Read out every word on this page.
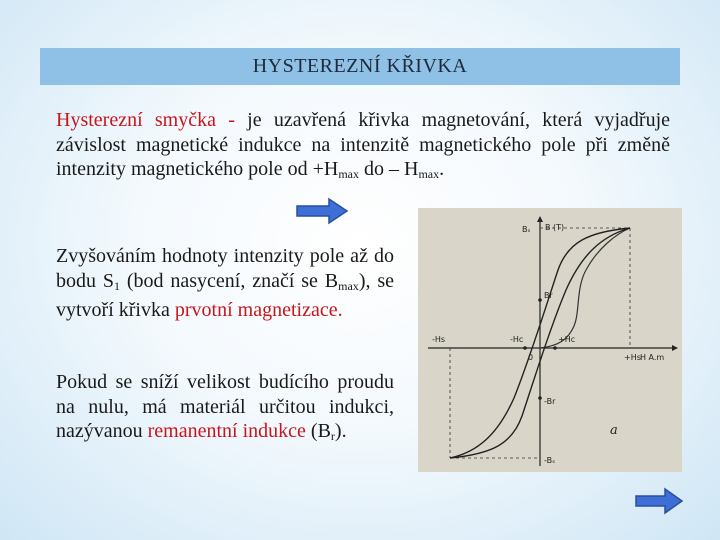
HYSTEREZNÍ KŘIVKA

Hysterezní smyčka - je uzavřená křivka magnetování, která vyjadřuje závislost magnetické indukce na intenzitě magnetického pole při změně intenzity magnetického pole od $+H_{max}$ do – $H_{max}$.

Zvyšováním hodnoty intenzity pole až do bodu $S_1$ (bod nasycení, značí se $B_{max}$), se vytvoří křivka prvotní magnetizace.

Pokud se sníží velikost budícího proudu na nulu, má materiál určitou indukci, nazývanou remanentní indukce $(B_r)$.

B (T)
Bₛ
Br
-Hc	+Hc
-Hs
+Hs H A.m
0
-Br
-Bₛ
a
